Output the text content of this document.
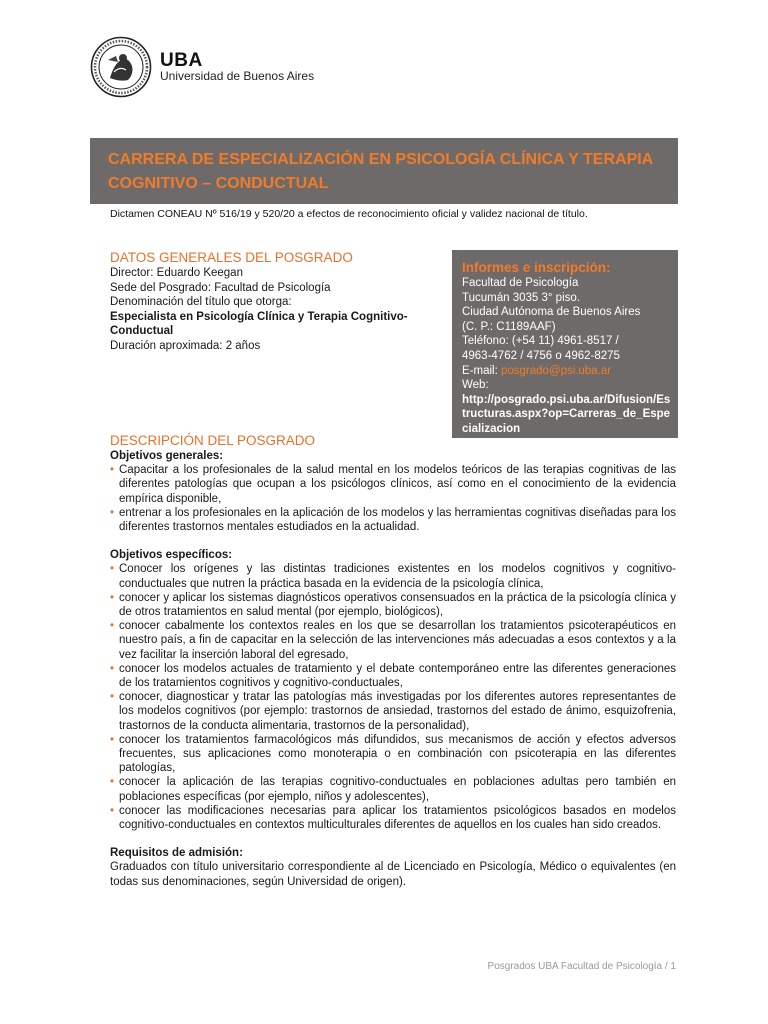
UBA
Universidad de Buenos Aires
CARRERA DE ESPECIALIZACIÓN EN PSICOLOGÍA CLÍNICA Y TERAPIA COGNITIVO – CONDUCTUAL
Dictamen CONEAU Nº 516/19 y 520/20 a efectos de reconocimiento oficial y validez nacional de título.
DATOS GENERALES DEL POSGRADO

Director: Eduardo Keegan

Sede del Posgrado: Facultad de Psicología

Denominación del título que otorga:

Especialista en Psicología Clínica y Terapia Cognitivo-Conductual

Duración aproximada: 2 años

Informes e inscripción:

Facultad de Psicología

Tucumán 3035 3° piso.

Ciudad Autónoma de Buenos Aires

(C. P.: C1189AAF)

Teléfono: (+54 11) 4961-8517 /

4963-4762 / 4756 o 4962-8275

E-mail: posgrado@psi.uba.ar

Web:

http://posgrado.psi.uba.ar/Difusion/Estructuras.aspx?op=Carreras_de_Especializacion

DESCRIPCIÓN DEL POSGRADO

Objetivos generales:

• Capacitar a los profesionales de la salud mental en los modelos teóricos de las terapias cognitivas de las diferentes patologías que ocupan a los psicólogos clínicos, así como en el conocimiento de la evidencia empírica disponible,
• entrenar a los profesionales en la aplicación de los modelos y las herramientas cognitivas diseñadas para los diferentes trastornos mentales estudiados en la actualidad.

Objetivos específicos:

• Conocer los orígenes y las distintas tradiciones existentes en los modelos cognitivos y cognitivo-conductuales que nutren la práctica basada en la evidencia de la psicología clínica,
• conocer y aplicar los sistemas diagnósticos operativos consensuados en la práctica de la psicología clínica y de otros tratamientos en salud mental (por ejemplo, biológicos),
• conocer cabalmente los contextos reales en los que se desarrollan los tratamientos psicoterapéuticos en nuestro país, a fin de capacitar en la selección de las intervenciones más adecuadas a esos contextos y a la vez facilitar la inserción laboral del egresado,
• conocer los modelos actuales de tratamiento y el debate contemporáneo entre las diferentes generaciones de los tratamientos cognitivos y cognitivo-conductuales,
• conocer, diagnosticar y tratar las patologías más investigadas por los diferentes autores representantes de los modelos cognitivos (por ejemplo: trastornos de ansiedad, trastornos del estado de ánimo, esquizofrenia, trastornos de la conducta alimentaria, trastornos de la personalidad),
• conocer los tratamientos farmacológicos más difundidos, sus mecanismos de acción y efectos adversos frecuentes, sus aplicaciones como monoterapia o en combinación con psicoterapia en las diferentes patologías,
• conocer la aplicación de las terapias cognitivo-conductuales en poblaciones adultas pero también en poblaciones específicas (por ejemplo, niños y adolescentes),
• conocer las modificaciones necesarias para aplicar los tratamientos psicológicos basados en modelos cognitivo-conductuales en contextos multiculturales diferentes de aquellos en los cuales han sido creados.

Requisitos de admisión:

Graduados con título universitario correspondiente al de Licenciado en Psicología, Médico o equivalentes (en todas sus denominaciones, según Universidad de origen).

Posgrados UBA Facultad de Psicología / 1
